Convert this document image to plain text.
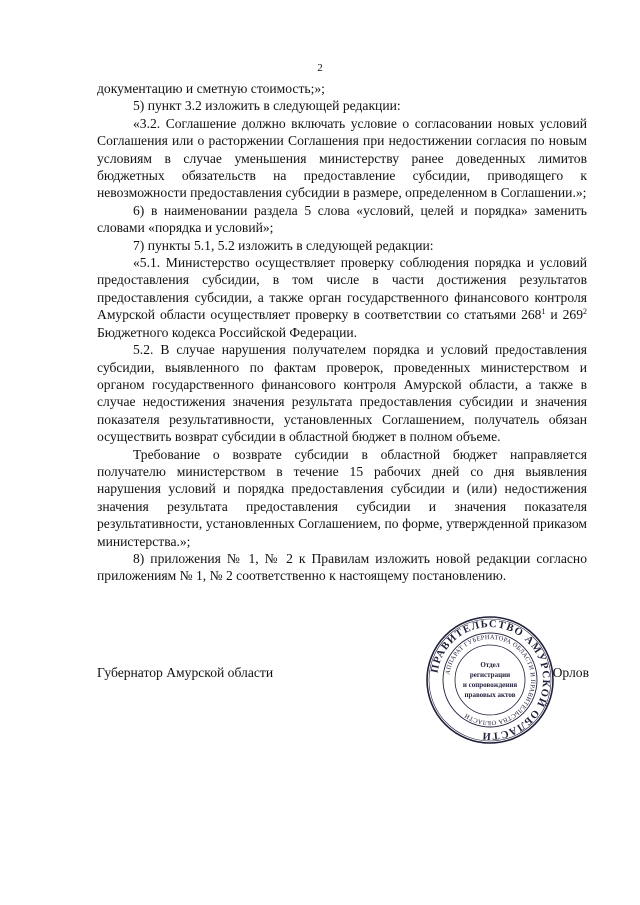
2

документацию и сметную стоимость;»;

5) пункт 3.2 изложить в следующей редакции:

«3.2. Соглашение должно включать условие о согласовании новых условий Соглашения или о расторжении Соглашения при недостижении согласия по новым условиям в случае уменьшения министерству ранее доведенных лимитов бюджетных обязательств на предоставление субсидии, приводящего к невозможности предоставления субсидии в размере, определенном в Соглашении.»;

6) в наименовании раздела 5 слова «условий, целей и порядка» заменить словами «порядка и условий»;

7) пункты 5.1, 5.2 изложить в следующей редакции:

«5.1. Министерство осуществляет проверку соблюдения порядка и условий предоставления субсидии, в том числе в части достижения результатов предоставления субсидии, а также орган государственного финансового контроля Амурской области осуществляет проверку в соответствии со статьями $268^1$ и $269^2$ Бюджетного кодекса Российской Федерации.

5.2. В случае нарушения получателем порядка и условий предоставления субсидии, выявленного по фактам проверок, проведенных министерством и органом государственного финансового контроля Амурской области, а также в случае недостижения значения результата предоставления субсидии и значения показателя результативности, установленных Соглашением, получатель обязан осуществить возврат субсидии в областной бюджет в полном объеме.

Требование о возврате субсидии в областной бюджет направляется получателю министерством в течение 15 рабочих дней со дня выявления нарушения условий и порядка предоставления субсидии и (или) недостижения значения результата предоставления субсидии и значения показателя результативности, установленных Соглашением, по форме, утвержденной приказом министерства.»;

8) приложения № 1, № 2 к Правилам изложить новой редакции согласно приложениям № 1, № 2 соответственно к настоящему постановлению.

Губернатор Амурской области	Орлов
ПРАВИТЕЛЬСТВО АМУРСКОЙ ОБЛАСТИ
АППАРАТ ГУБЕРНАТОРА ОБЛАСТИ И ПРАВИТЕЛЬСТВА ОБЛАСТИ
Отдел
регистрации
и сопровождения
правовых актов
